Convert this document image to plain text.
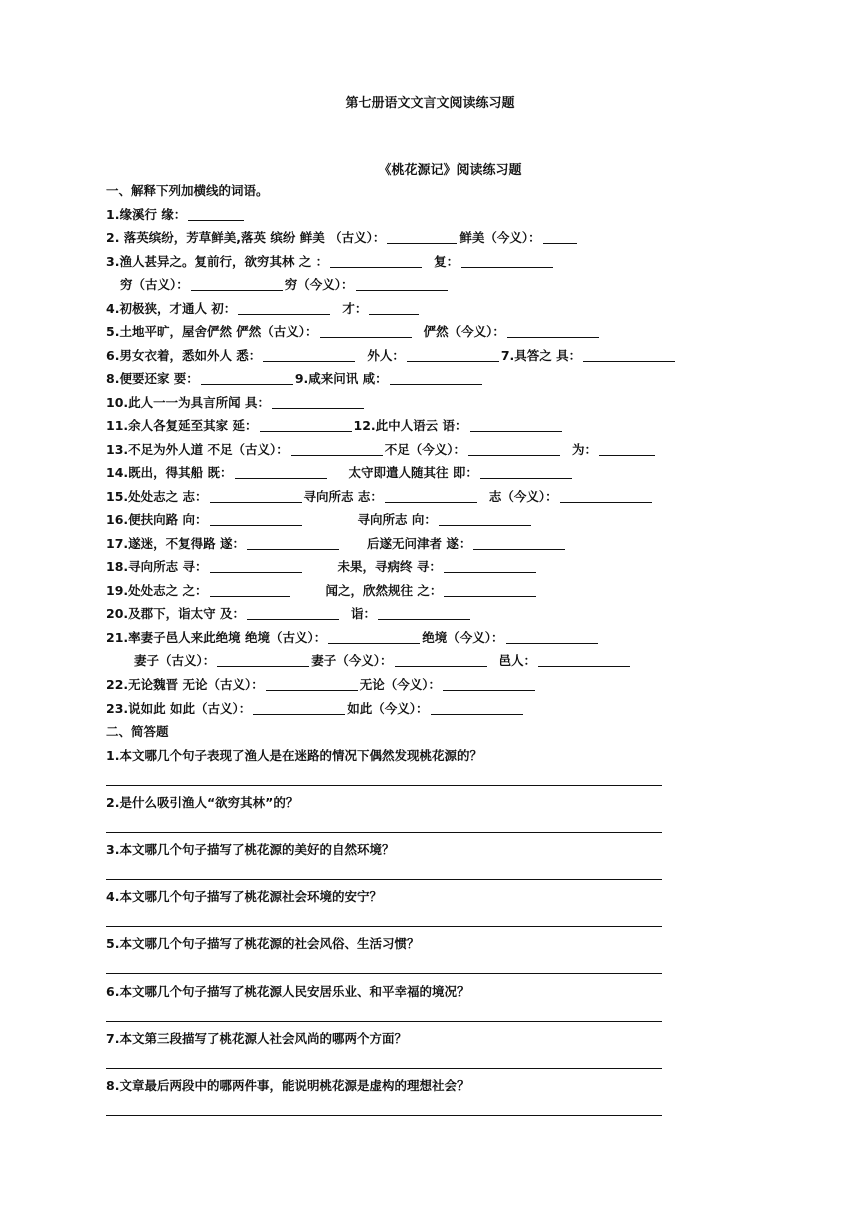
第七册语文文言文阅读练习题
《桃花源记》阅读练习题
一、解释下列加横线的词语。
1.缘溪行 缘：
2. 落英缤纷，芳草鲜美,落英 缤纷 鲜美 （古义）：	鲜美（今义）：
3.渔人甚异之。复前行，欲穷其林 之 ：	复：
穷（古义）：	穷（今义）：
4.初极狭，才通人 初：	才：
5.土地平旷，屋舍俨然 俨然（古义）：	俨然（今义）：
6.男女衣着，悉如外人 悉：	外人：	7.具答之 具：
8.便要还家 要：	9.咸来问讯 咸：
10.此人一一为具言所闻 具：
11.余人各复延至其家 延：	12.此中人语云 语：
13.不足为外人道 不足（古义）：	不足（今义）：	为：
14.既出，得其船 既：	太守即遣人随其往 即：
15.处处志之 志：	寻向所志 志：	志（今义）：
16.便扶向路 向：	寻向所志 向：
17.遂迷，不复得路 遂：	后遂无问津者 遂：
18.寻向所志 寻：	未果，寻病终 寻：
19.处处志之 之：	闻之，欣然规往 之：
20.及郡下，诣太守 及：	诣：
21.率妻子邑人来此绝境 绝境（古义）：	绝境（今义）：
妻子（古义）：	妻子（今义）：	邑人：
22.无论魏晋 无论（古义）：	无论（今义）：
23.说如此 如此（古义）：	如此（今义）：
二、简答题
1.本文哪几个句子表现了渔人是在迷路的情况下偶然发现桃花源的？
2.是什么吸引渔人“欲穷其林”的？
3.本文哪几个句子描写了桃花源的美好的自然环境？
4.本文哪几个句子描写了桃花源社会环境的安宁？
5.本文哪几个句子描写了桃花源的社会风俗、生活习惯？
6.本文哪几个句子描写了桃花源人民安居乐业、和平幸福的境况？
7.本文第三段描写了桃花源人社会风尚的哪两个方面？
8.文章最后两段中的哪两件事，能说明桃花源是虚构的理想社会？
